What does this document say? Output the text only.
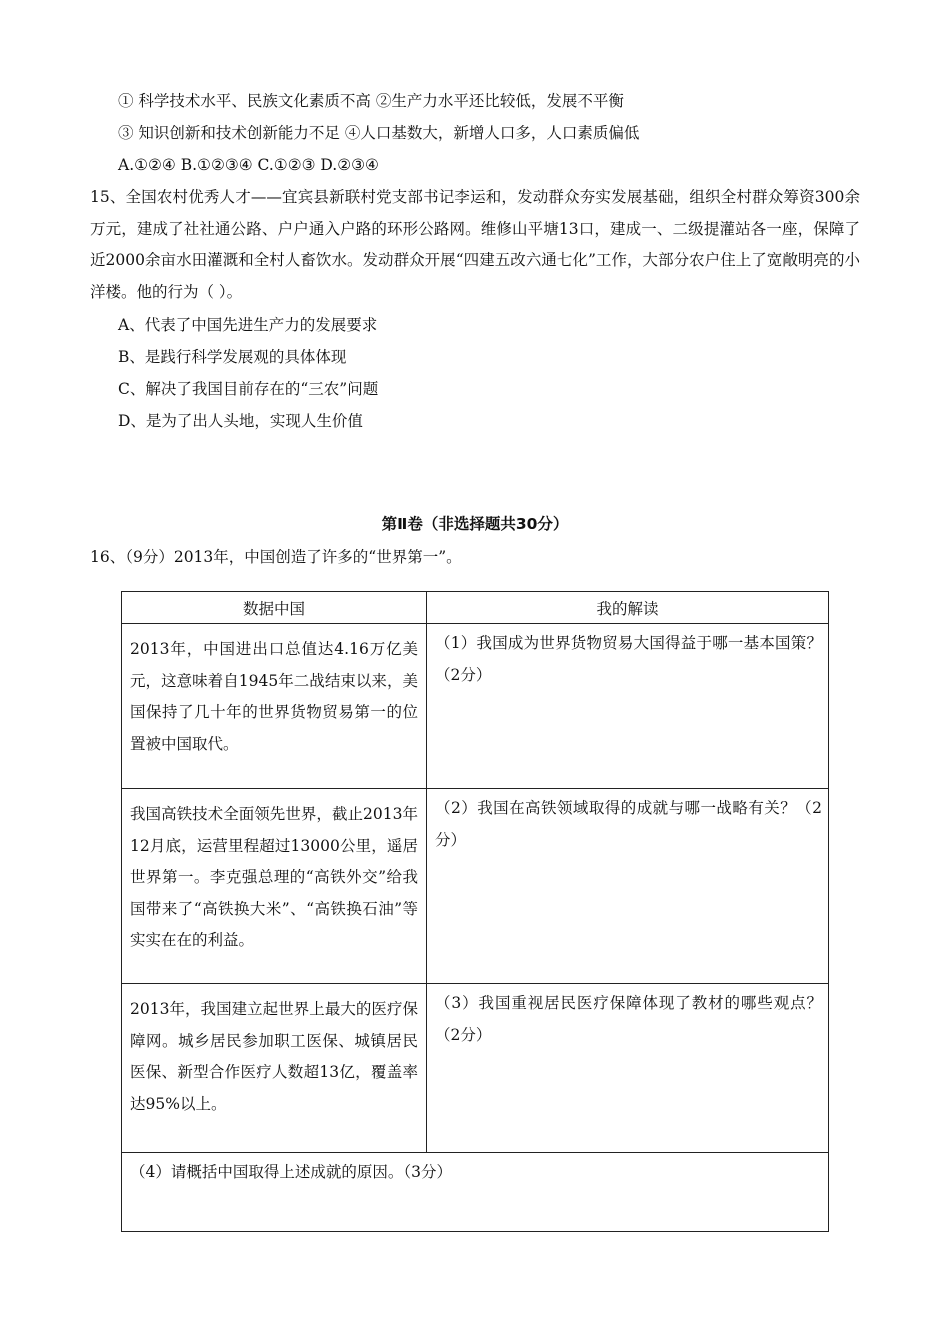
① 科学技术水平、民族文化素质不高 ②生产力水平还比较低，发展不平衡
③ 知识创新和技术创新能力不足 ④人口基数大，新增人口多，人口素质偏低
A.①②④ B.①②③④ C.①②③ D.②③④
15、全国农村优秀人才——宜宾县新联村党支部书记李运和，发动群众夯实发展基础，组织全村群众筹资300余万元，建成了社社通公路、户户通入户路的环形公路网。维修山平塘13口，建成一、二级提灌站各一座，保障了近2000余亩水田灌溉和全村人畜饮水。发动群众开展“四建五改六通七化”工作，大部分农户住上了宽敞明亮的小洋楼。他的行为（ ）。
A、代表了中国先进生产力的发展要求
B、是践行科学发展观的具体体现
C、解决了我国目前存在的“三农”问题
D、是为了出人头地，实现人生价值
第Ⅱ卷（非选择题共30分）
16、（9分）2013年，中国创造了许多的“世界第一”。
数据中国	我的解读
2013年，中国进出口总值达4.16万亿美元，这意味着自1945年二战结束以来，美国保持了几十年的世界货物贸易第一的位置被中国取代。	（1）我国成为世界货物贸易大国得益于哪一基本国策？（2分）
我国高铁技术全面领先世界，截止2013年12月底，运营里程超过13000公里，遥居世界第一。李克强总理的“高铁外交”给我国带来了“高铁换大米”、“高铁换石油”等实实在在的利益。	（2）我国在高铁领域取得的成就与哪一战略有关？（2分）
2013年，我国建立起世界上最大的医疗保障网。城乡居民参加职工医保、城镇居民医保、新型合作医疗人数超13亿，覆盖率达95%以上。	（3）我国重视居民医疗保障体现了教材的哪些观点？（2分）
（4）请概括中国取得上述成就的原因。（3分）	
